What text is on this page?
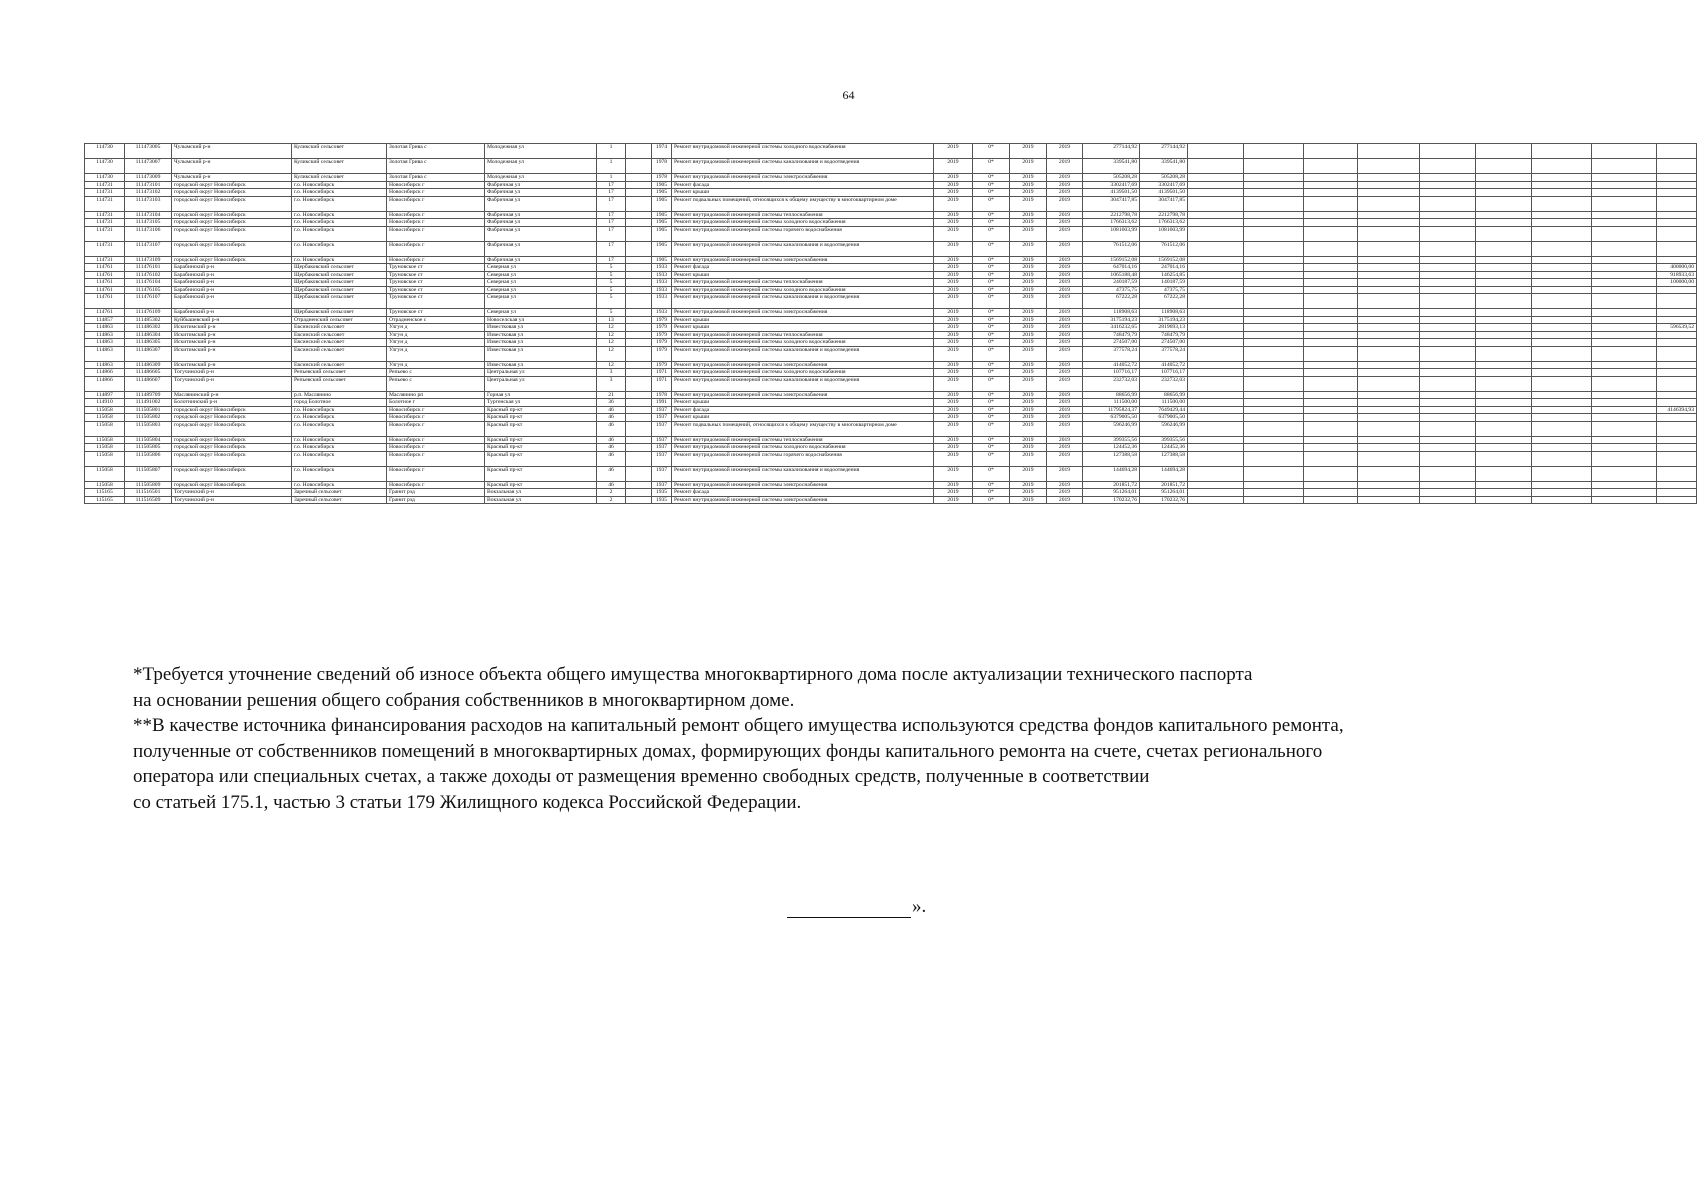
64
114730	111473005	Чулымский р-н	Куликский сельсовет	Золотая Грива с	Молодежная ул	1		1974	Ремонт внутридомовой инженерной системы холодного водоснабжения	2019	0*	2019	2019	277144,92	277144,92									
114730	111473007	Чулымский р-н	Куликский сельсовет	Золотая Грива с	Молодежная ул	1		1978	Ремонт внутридомовой инженерной системы канализования и водоотведения	2019	0*	2019	2019	339541,80	339541,80									
114730	111473009	Чулымский р-н	Куликский сельсовет	Золотая Грива с	Молодежная ул	1		1978	Ремонт внутридомовой инженерной системы электроснабжения	2019	0*	2019	2019	505208,28	505208,28									
114731	111473101	городской округ Новосибирск	г.о. Новосибирск	Новосибирск г	Фабричная ул	17		1905	Ремонт фасада	2019	0*	2019	2019	3302417,69	3302417,69									
114731	111473102	городской округ Новосибирск	г.о. Новосибирск	Новосибирск г	Фабричная ул	17		1905	Ремонт крыши	2019	0*	2019	2019	4139501,50	4139501,50									
114731	111473103	городской округ Новосибирск	г.о. Новосибирск	Новосибирск г	Фабричная ул	17		1905	Ремонт подвальных помещений, относящихся к общему имуществу в многоквартирном доме	2019	0*	2019	2019	3047417,85	3047417,85									
114731	111473104	городской округ Новосибирск	г.о. Новосибирск	Новосибирск г	Фабричная ул	17		1905	Ремонт внутридомовой инженерной системы теплоснабжения	2019	0*	2019	2019	2212798,78	2212798,78									
114731	111473105	городской округ Новосибирск	г.о. Новосибирск	Новосибирск г	Фабричная ул	17		1905	Ремонт внутридомовой инженерной системы холодного водоснабжения	2019	0*	2019	2019	1766313,62	1766313,62									
114731	111473106	городской округ Новосибирск	г.о. Новосибирск	Новосибирск г	Фабричная ул	17		1905	Ремонт внутридомовой инженерной системы горячего водоснабжения	2019	0*	2019	2019	1081603,99	1081603,99									
114731	111473107	городской округ Новосибирск	г.о. Новосибирск	Новосибирск г	Фабричная ул	17		1905	Ремонт внутридомовой инженерной системы канализования и водоотведения	2019	0*	2019	2019	761512,06	761512,06									
114731	111473109	городской округ Новосибирск	г.о. Новосибирск	Новосибирск г	Фабричная ул	17		1905	Ремонт внутридомовой инженерной системы электроснабжения	2019	0*	2019	2019	1569152,08	1569152,08									
114761	111476101	Барабинский р-н	Щербаковский сельсовет	Труновское ст	Северная ул	5		1933	Ремонт фасада	2019	0*	2019	2019	647014,16	247014,16									400000,00
114761	111476102	Барабинский р-н	Щербаковский сельсовет	Труновское ст	Северная ул	5		1933	Ремонт крыши	2019	0*	2019	2019	1065188,48	146254,85									918933,63
114761	111476104	Барабинский р-н	Щербаковский сельсовет	Труновское ст	Северная ул	5		1933	Ремонт внутридомовой инженерной системы теплоснабжения	2019	0*	2019	2019	240187,59	140187,59									100000,00
114761	111476105	Барабинский р-н	Щербаковский сельсовет	Труновское ст	Северная ул	5		1933	Ремонт внутридомовой инженерной системы холодного водоснабжения	2019	0*	2019	2019	47375,75	47375,75									
114761	111476107	Барабинский р-н	Щербаковский сельсовет	Труновское ст	Северная ул	5		1933	Ремонт внутридомовой инженерной системы канализования и водоотведения	2019	0*	2019	2019	67222,28	67222,28									
114761	111476109	Барабинский р-н	Щербаковский сельсовет	Труновское ст	Северная ул	5		1933	Ремонт внутридомовой инженерной системы электроснабжения	2019	0*	2019	2019	118908,63	118908,63									
114857	111485302	Куйбышевский р-н	Отрадненский сельсовет	Отрадненское с	Новоселская ул	13		1979	Ремонт крыши	2019	0*	2019	2019	3175194,23	3175194,23									
114863	111486302	Искитимский р-н	Евсинский сельсовет	Улгун д	Известковая ул	12		1979	Ремонт крыши	2019	0*	2019	2019	3416232,65	2819693,13									596539,52
114863	111486304	Искитимский р-н	Евсинский сельсовет	Улгун д	Известковая ул	12		1979	Ремонт внутридомовой инженерной системы теплоснабжения	2019	0*	2019	2019	748479,79	748479,79									
114863	111486305	Искитимский р-н	Евсинский сельсовет	Улгун д	Известковая ул	12		1979	Ремонт внутридомовой инженерной системы холодного водоснабжения	2019	0*	2019	2019	274507,00	274507,00									
114863	111486307	Искитимский р-н	Евсинский сельсовет	Улгун д	Известковая ул	12		1979	Ремонт внутридомовой инженерной системы канализования и водоотведения	2019	0*	2019	2019	377578,24	377578,24									
114863	111486309	Искитимский р-н	Евсинский сельсовет	Улгун д	Известковая ул	12		1979	Ремонт внутридомовой инженерной системы электроснабжения	2019	0*	2019	2019	414052,72	414052,72									
114866	111486605	Тогучинский р-н	Репьевский сельсовет	Репьево с	Центральная ул	3		1971	Ремонт внутридомовой инженерной системы холодного водоснабжения	2019	0*	2019	2019	107716,17	107716,17									
114866	111486607	Тогучинский р-н	Репьевский сельсовет	Репьево с	Центральная ул	3		1971	Ремонт внутридомовой инженерной системы канализования и водоотведения	2019	0*	2019	2019	232732,03	232732,03									
114897	111489709	Маслянинский р-н	р.п. Маслянино	Маслянино рп	Горная ул	21		1978	Ремонт внутридомовой инженерной системы электроснабжения	2019	0*	2019	2019	88656,99	88656,99									
114910	111491002	Болотнинский р-н	город Болотное	Болотное г	Тургенская ул	36		1991	Ремонт крыши	2019	0*	2019	2019	111500,00	111500,00									
115058	111505801	городской округ Новосибирск	г.о. Новосибирск	Новосибирск г	Красный пр-кт	46		1937	Ремонт фасада	2019	0*	2019	2019	11795824,37	7649429,44									4146394,93
115058	111505802	городской округ Новосибирск	г.о. Новосибирск	Новосибирск г	Красный пр-кт	46		1937	Ремонт крыши	2019	0*	2019	2019	6379005,50	6379005,50									
115058	111505803	городской округ Новосибирск	г.о. Новосибирск	Новосибирск г	Красный пр-кт	46		1937	Ремонт подвальных помещений, относящихся к общему имуществу в многоквартирном доме	2019	0*	2019	2019	596246,99	596246,99									
115058	111505804	городской округ Новосибирск	г.о. Новосибирск	Новосибирск г	Красный пр-кт	46		1937	Ремонт внутридомовой инженерной системы теплоснабжения	2019	0*	2019	2019	399355,56	399355,56									
115058	111505805	городской округ Новосибирск	г.о. Новосибирск	Новосибирск г	Красный пр-кт	46		1937	Ремонт внутридомовой инженерной системы холодного водоснабжения	2019	0*	2019	2019	124452,36	124452,36									
115058	111505806	городской округ Новосибирск	г.о. Новосибирск	Новосибирск г	Красный пр-кт	46		1937	Ремонт внутридомовой инженерной системы горячего водоснабжения	2019	0*	2019	2019	127388,58	127388,58									
115058	111505807	городской округ Новосибирск	г.о. Новосибирск	Новосибирск г	Красный пр-кт	46		1937	Ремонт внутридомовой инженерной системы канализования и водоотведения	2019	0*	2019	2019	144694,28	144694,28									
115058	111505809	городской округ Новосибирск	г.о. Новосибирск	Новосибирск г	Красный пр-кт	46		1937	Ремонт внутридомовой инженерной системы электроснабжения	2019	0*	2019	2019	201851,72	201851,72									
115165	111516501	Тогучинский р-н	Заречный сельсовет	Гранит рзд	Вокзальная ул	2		1935	Ремонт фасада	2019	0*	2019	2019	951264,01	951264,01									
115165	111516509	Тогучинский р-н	Заречный сельсовет	Гранит рзд	Вокзальная ул	2		1935	Ремонт внутридомовой инженерной системы электроснабжения	2019	0*	2019	2019	170232,76	170232,76									

*Требуется уточнение сведений об износе объекта общего имущества многоквартирного дома после актуализации технического паспорта

на основании решения общего собрания собственников в многоквартирном доме.

**В качестве источника финансирования расходов на капитальный ремонт общего имущества используются средства фондов капитального ремонта,

полученные от собственников помещений в многоквартирных домах, формирующих фонды капитального ремонта на счете, счетах регионального

оператора или специальных счетах, а также доходы от размещения временно свободных средств, полученные в соответствии

со статьей 175.1, частью 3 статьи 179 Жилищного кодекса Российской Федерации.

».
